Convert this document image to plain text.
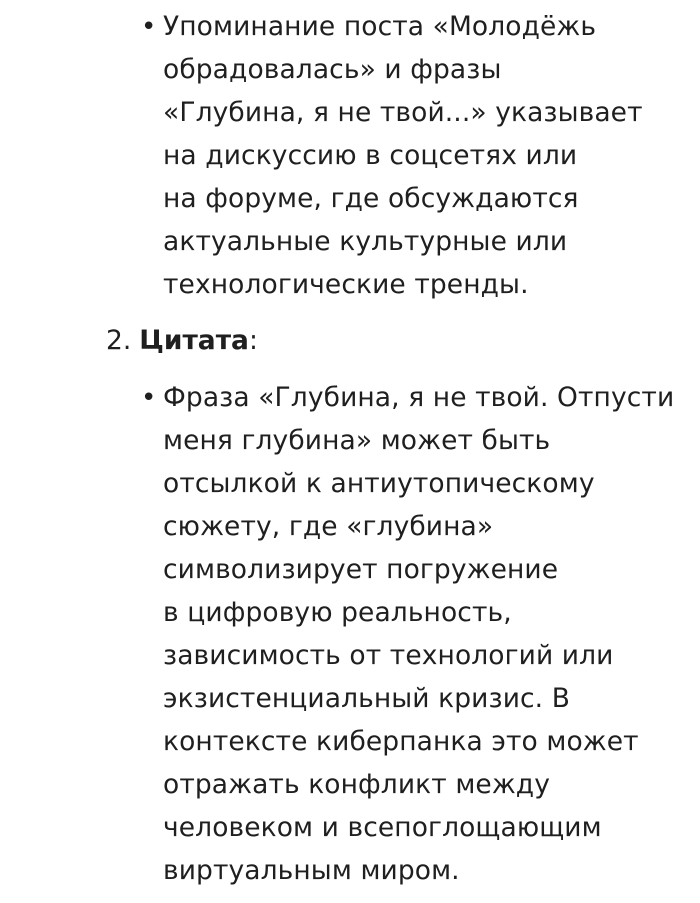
• Упоминание поста «Молодёжь
обрадовалась» и фразы
«Глубина, я не твой...» указывает
на дискуссию в соцсетях или
на форуме, где обсуждаются
актуальные культурные или
технологические тренды.
2. Цитата:
• Фраза «Глубина, я не твой. Отпусти
меня глубина» может быть
отсылкой к антиутопическому
сюжету, где «глубина»
символизирует погружение
в цифровую реальность,
зависимость от технологий или
экзистенциальный кризис. В
контексте киберпанка это может
отражать конфликт между
человеком и всепоглощающим
виртуальным миром.
